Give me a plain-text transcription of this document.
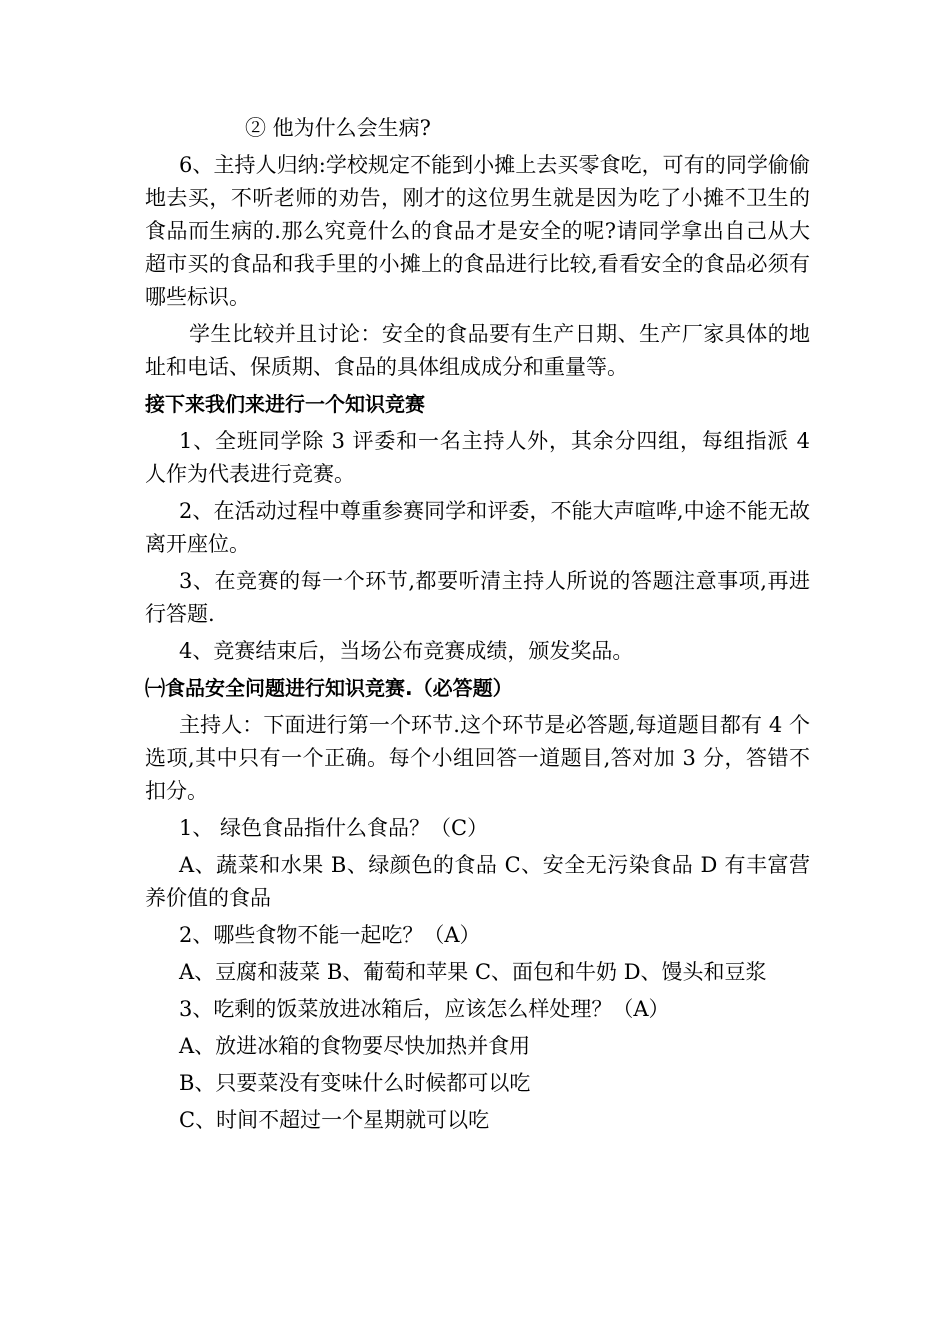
② 他为什么会生病?

6、主持人归纳:学校规定不能到小摊上去买零食吃，可有的同学偷偷地去买，不听老师的劝告，刚才的这位男生就是因为吃了小摊不卫生的食品而生病的.那么究竟什么的食品才是安全的呢?请同学拿出自己从大超市买的食品和我手里的小摊上的食品进行比较,看看安全的食品必须有哪些标识。

学生比较并且讨论：安全的食品要有生产日期、生产厂家具体的地址和电话、保质期、食品的具体组成成分和重量等。

接下来我们来进行一个知识竞赛

1、全班同学除 3 评委和一名主持人外，其余分四组，每组指派 4 人作为代表进行竞赛。

2、在活动过程中尊重参赛同学和评委，不能大声喧哗,中途不能无故离开座位。

3、在竞赛的每一个环节,都要听清主持人所说的答题注意事项,再进行答题.

4、竞赛结束后，当场公布竞赛成绩，颁发奖品。

㈠食品安全问题进行知识竞赛.（必答题）

主持人：下面进行第一个环节.这个环节是必答题,每道题目都有 4 个选项,其中只有一个正确。每个小组回答一道题目,答对加 3 分，答错不扣分。

1、 绿色食品指什么食品？（C）

A、蔬菜和水果 B、绿颜色的食品 C、安全无污染食品 D 有丰富营养价值的食品

2、哪些食物不能一起吃？（A）

A、豆腐和菠菜 B、葡萄和苹果 C、面包和牛奶 D、馒头和豆浆

3、吃剩的饭菜放进冰箱后，应该怎么样处理？（A）

A、放进冰箱的食物要尽快加热并食用

B、只要菜没有变味什么时候都可以吃

C、时间不超过一个星期就可以吃
